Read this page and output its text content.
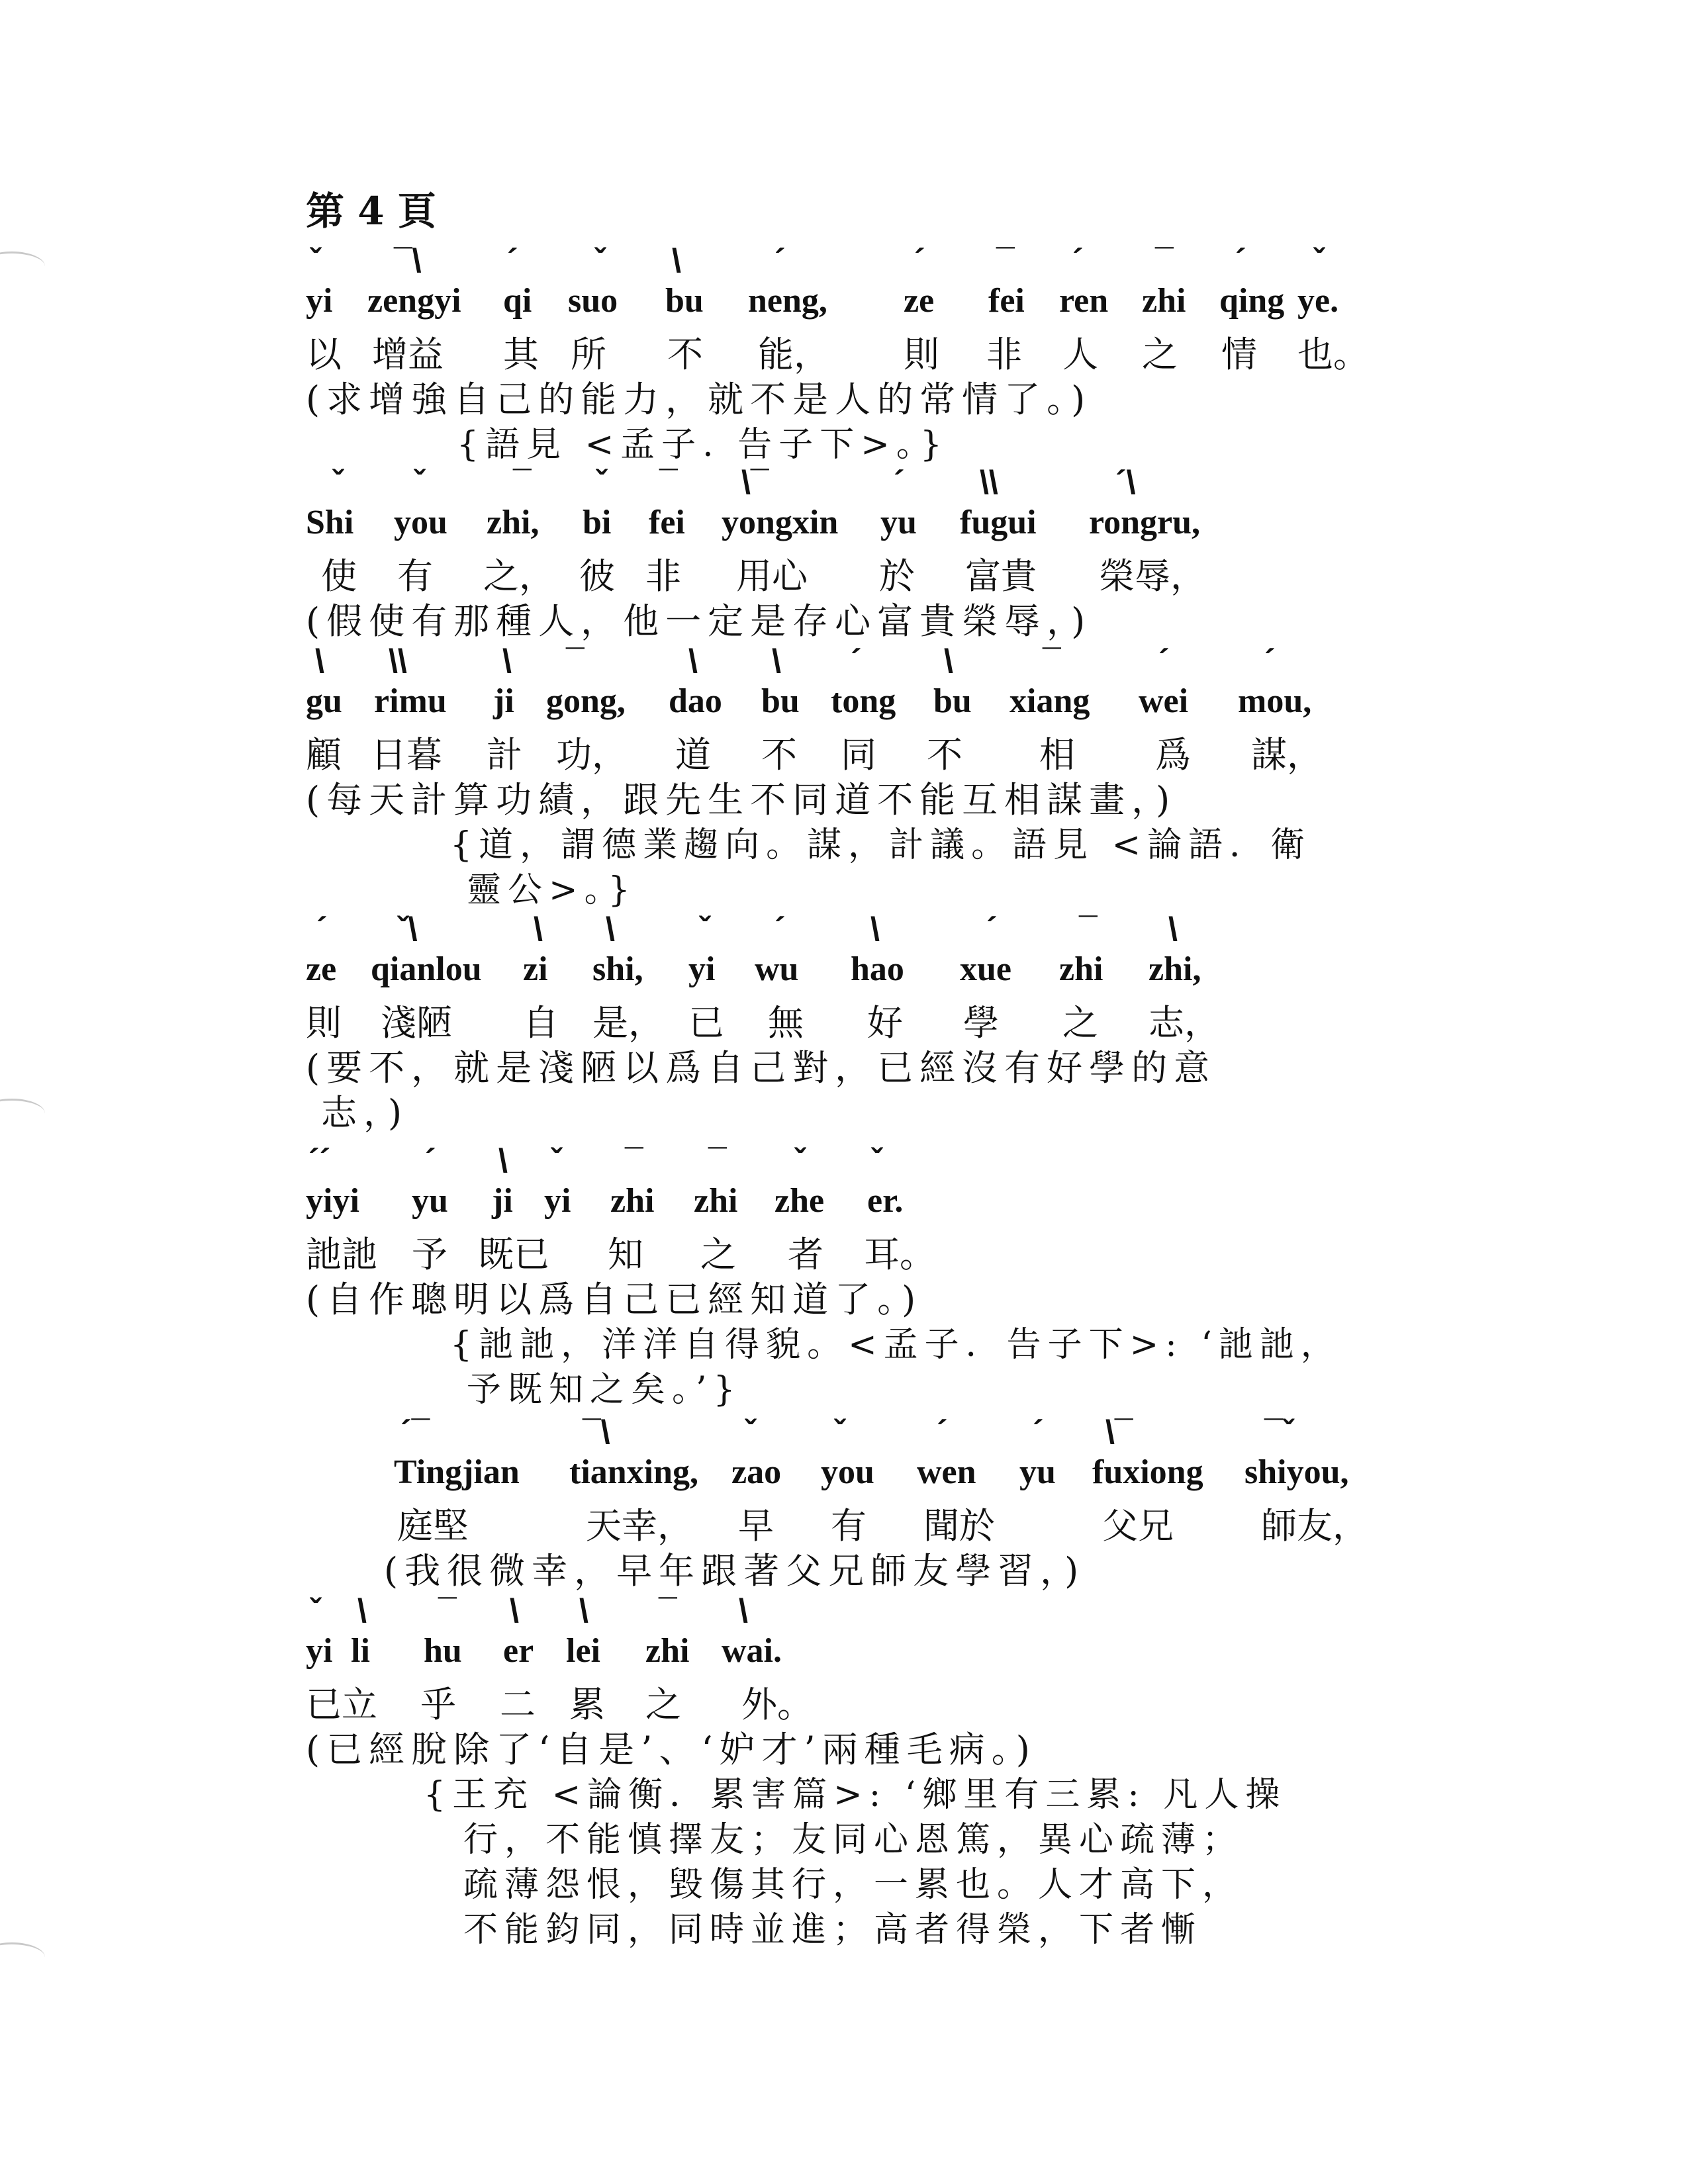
第 4 頁
yi
ˇ
zengyi
¯\
qi
´
suo
ˇ
bu
\
neng,
´
ze
´
fei
¯
ren
´
zhi
¯
qing
´
ye.
ˇ
以 增益 其 所 不 能， 則 非 人 之 情 也。
(求增強自己的能力，就不是人的常情了。)
{語見 <孟子. 告子下>。}
Shi
ˇ
you
ˇ
zhi,
¯
bi
ˇ
fei
¯
yongxin
\¯
yu
´
fugui
\\
rongru,
´\
使 有 之， 彼 非 用心 於 富貴 榮辱，
(假使有那種人，他一定是存心富貴榮辱，)
gu
\
rimu
\\
ji
\
gong,
¯
dao
\
bu
\
tong
´
bu
\
xiang
¯
wei
´
mou,
´
顧 日暮 計 功， 道 不 同 不 相 爲 謀，
(每天計算功績，跟先生不同道不能互相謀畫，)
{道，謂德業趨向。謀，計議。語見 <論語．衛
靈公>。}
ze
´
qianlou
ˇ\
zi
\
shi,
\
yi
ˇ
wu
´
hao
\
xue
´
zhi
¯
zhi,
\
則 淺陋 自 是， 已 無 好 學 之 志，
(要不，就是淺陋以爲自己對，已經沒有好學的意
志，)
yiyi
´´
yu
´
ji
\
yi
ˇ
zhi
¯
zhi
¯
zhe
ˇ
er.
ˇ
訑訑 予 既已 知 之 者 耳。
(自作聰明以爲自己已經知道了。)
{訑訑，洋洋自得貌。<孟子．告子下>: ‘訑訑，
予既知之矣。’}
Tingjian
´¯
tianxing,
¯\
zao
ˇ
you
ˇ
wen
´
yu
´
fuxiong
\¯
shiyou,
¯ˇ
庭堅	天幸， 早 有 聞於	父兄 師友，
(我很微幸，早年跟著父兄師友學習，)
yi
ˇ
li
\
hu
¯
er
\
lei
\
zhi
¯
wai.
\
已立 乎 二 累 之 外。
(已經脫除了‘自是’、‘妒才’兩種毛病。)
{王充 <論衡．累害篇>: ‘鄉里有三累: 凡人操
行，不能慎擇友；友同心恩篤，異心疏薄；
疏薄怨恨，毀傷其行，一累也。人才高下，
不能鈞同，同時並進；高者得榮，下者慚
